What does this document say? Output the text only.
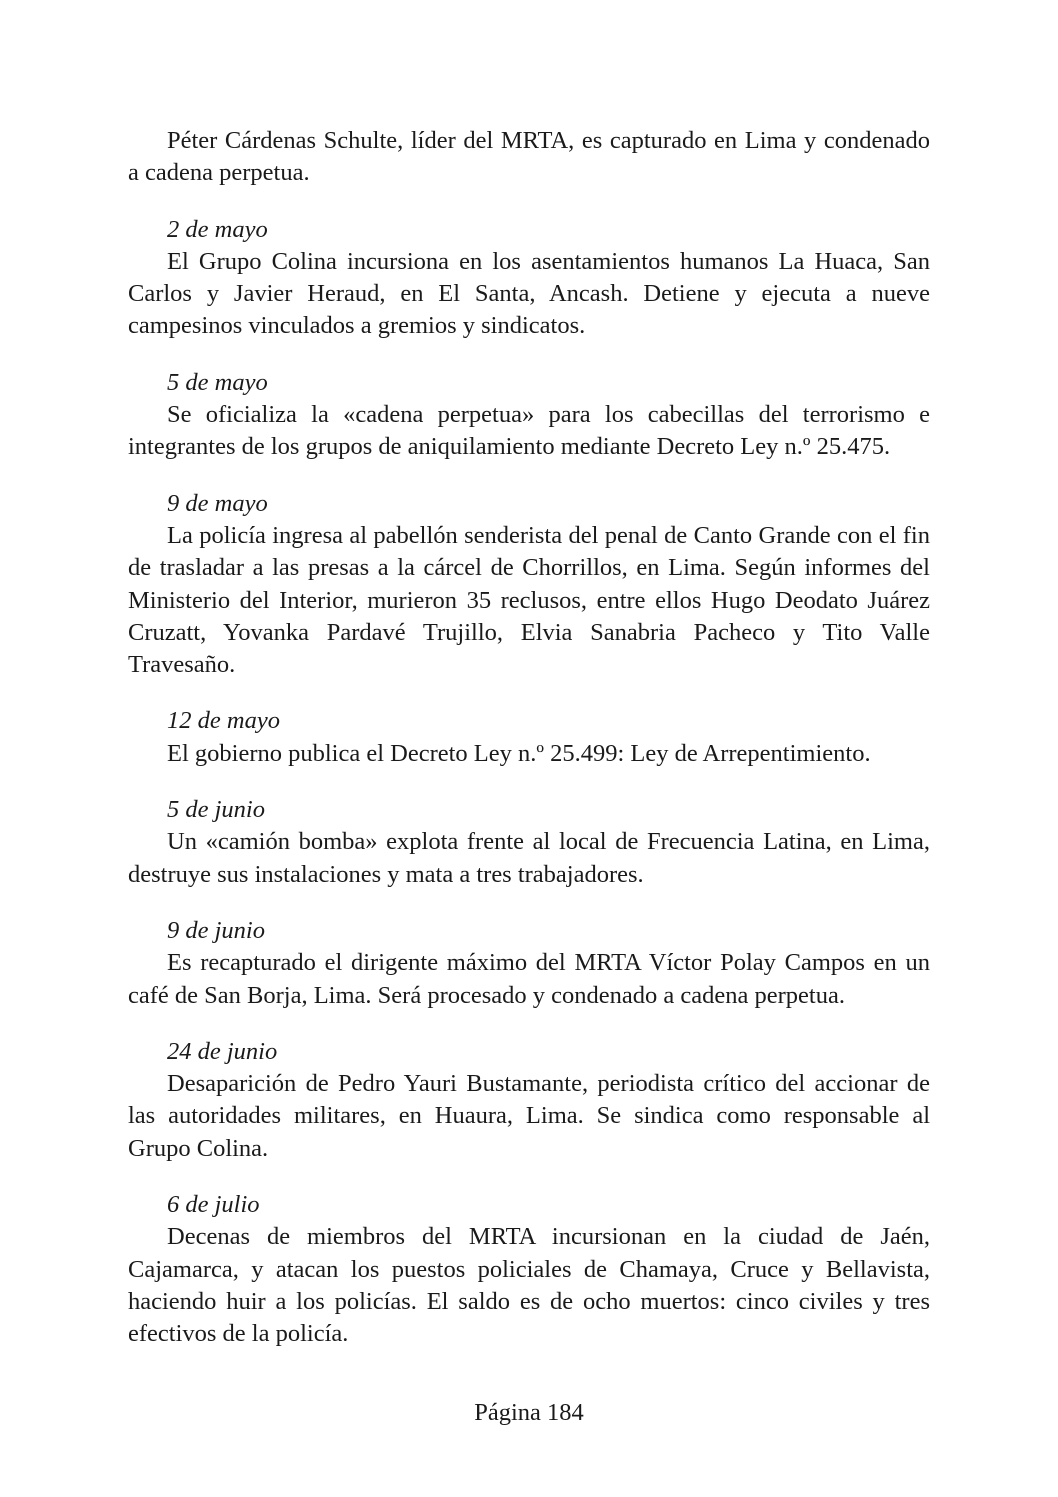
Péter Cárdenas Schulte, líder del MRTA, es capturado en Lima y condenado a cadena perpetua.

2 de mayo

El Grupo Colina incursiona en los asentamientos humanos La Huaca, San Carlos y Javier Heraud, en El Santa, Ancash. Detiene y ejecuta a nueve campesinos vinculados a gremios y sindicatos.

5 de mayo

Se oficializa la «cadena perpetua» para los cabecillas del terrorismo e integrantes de los grupos de aniquilamiento mediante Decreto Ley n.º 25.475.

9 de mayo

La policía ingresa al pabellón senderista del penal de Canto Grande con el fin de trasladar a las presas a la cárcel de Chorrillos, en Lima. Según informes del Ministerio del Interior, murieron 35 reclusos, entre ellos Hugo Deodato Juárez Cruzatt, Yovanka Pardavé Trujillo, Elvia Sanabria Pacheco y Tito Valle Travesaño.

12 de mayo

El gobierno publica el Decreto Ley n.º 25.499: Ley de Arrepentimiento.

5 de junio

Un «camión bomba» explota frente al local de Frecuencia Latina, en Lima, destruye sus instalaciones y mata a tres trabajadores.

9 de junio

Es recapturado el dirigente máximo del MRTA Víctor Polay Campos en un café de San Borja, Lima. Será procesado y condenado a cadena perpetua.

24 de junio

Desaparición de Pedro Yauri Bustamante, periodista crítico del accionar de las autoridades militares, en Huaura, Lima. Se sindica como responsable al Grupo Colina.

6 de julio

Decenas de miembros del MRTA incursionan en la ciudad de Jaén, Cajamarca, y atacan los puestos policiales de Chamaya, Cruce y Bellavista, haciendo huir a los policías. El saldo es de ocho muertos: cinco civiles y tres efectivos de la policía.

Página 184
